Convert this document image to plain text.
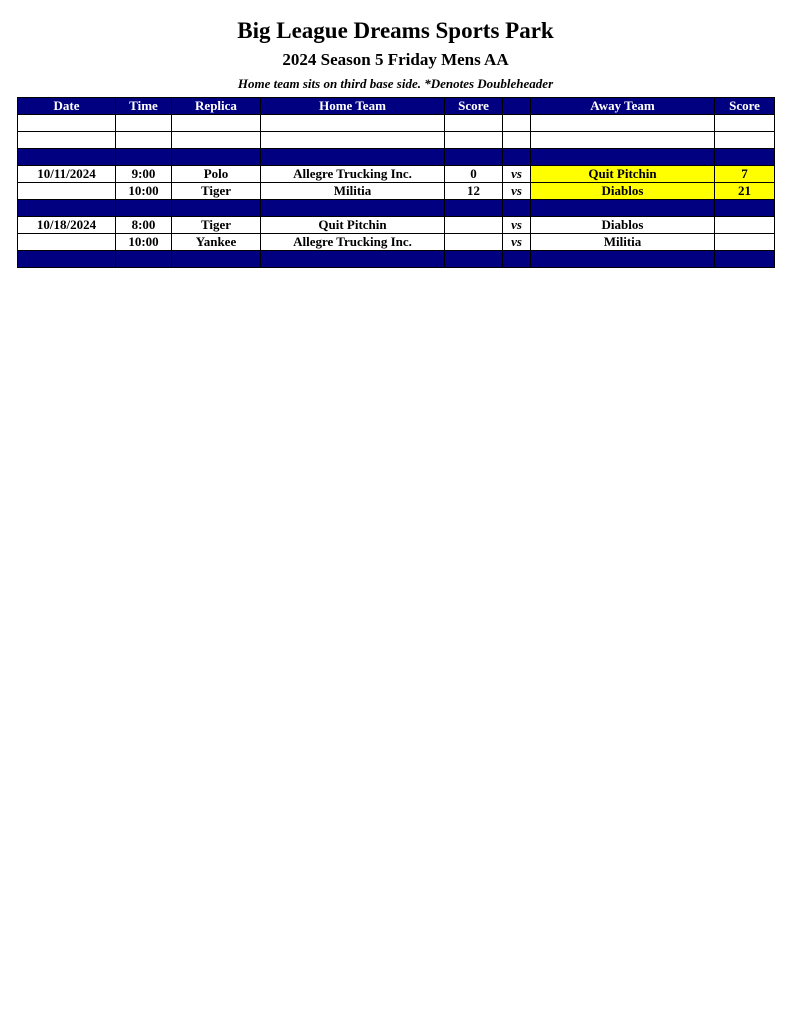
Big League Dreams Sports Park
2024 Season 5 Friday Mens AA
Home team sits on third base side. *Denotes Doubleheader
Date	Time	Replica	Home Team	Score		Away Team	Score

10/11/2024	9:00	Polo	Allegre Trucking Inc.	0	vs	Quit Pitchin	7
	10:00	Tiger	Militia	12	vs	Diablos	21

10/18/2024	8:00	Tiger	Quit Pitchin		vs	Diablos	
	10:00	Yankee	Allegre Trucking Inc.		vs	Militia	
